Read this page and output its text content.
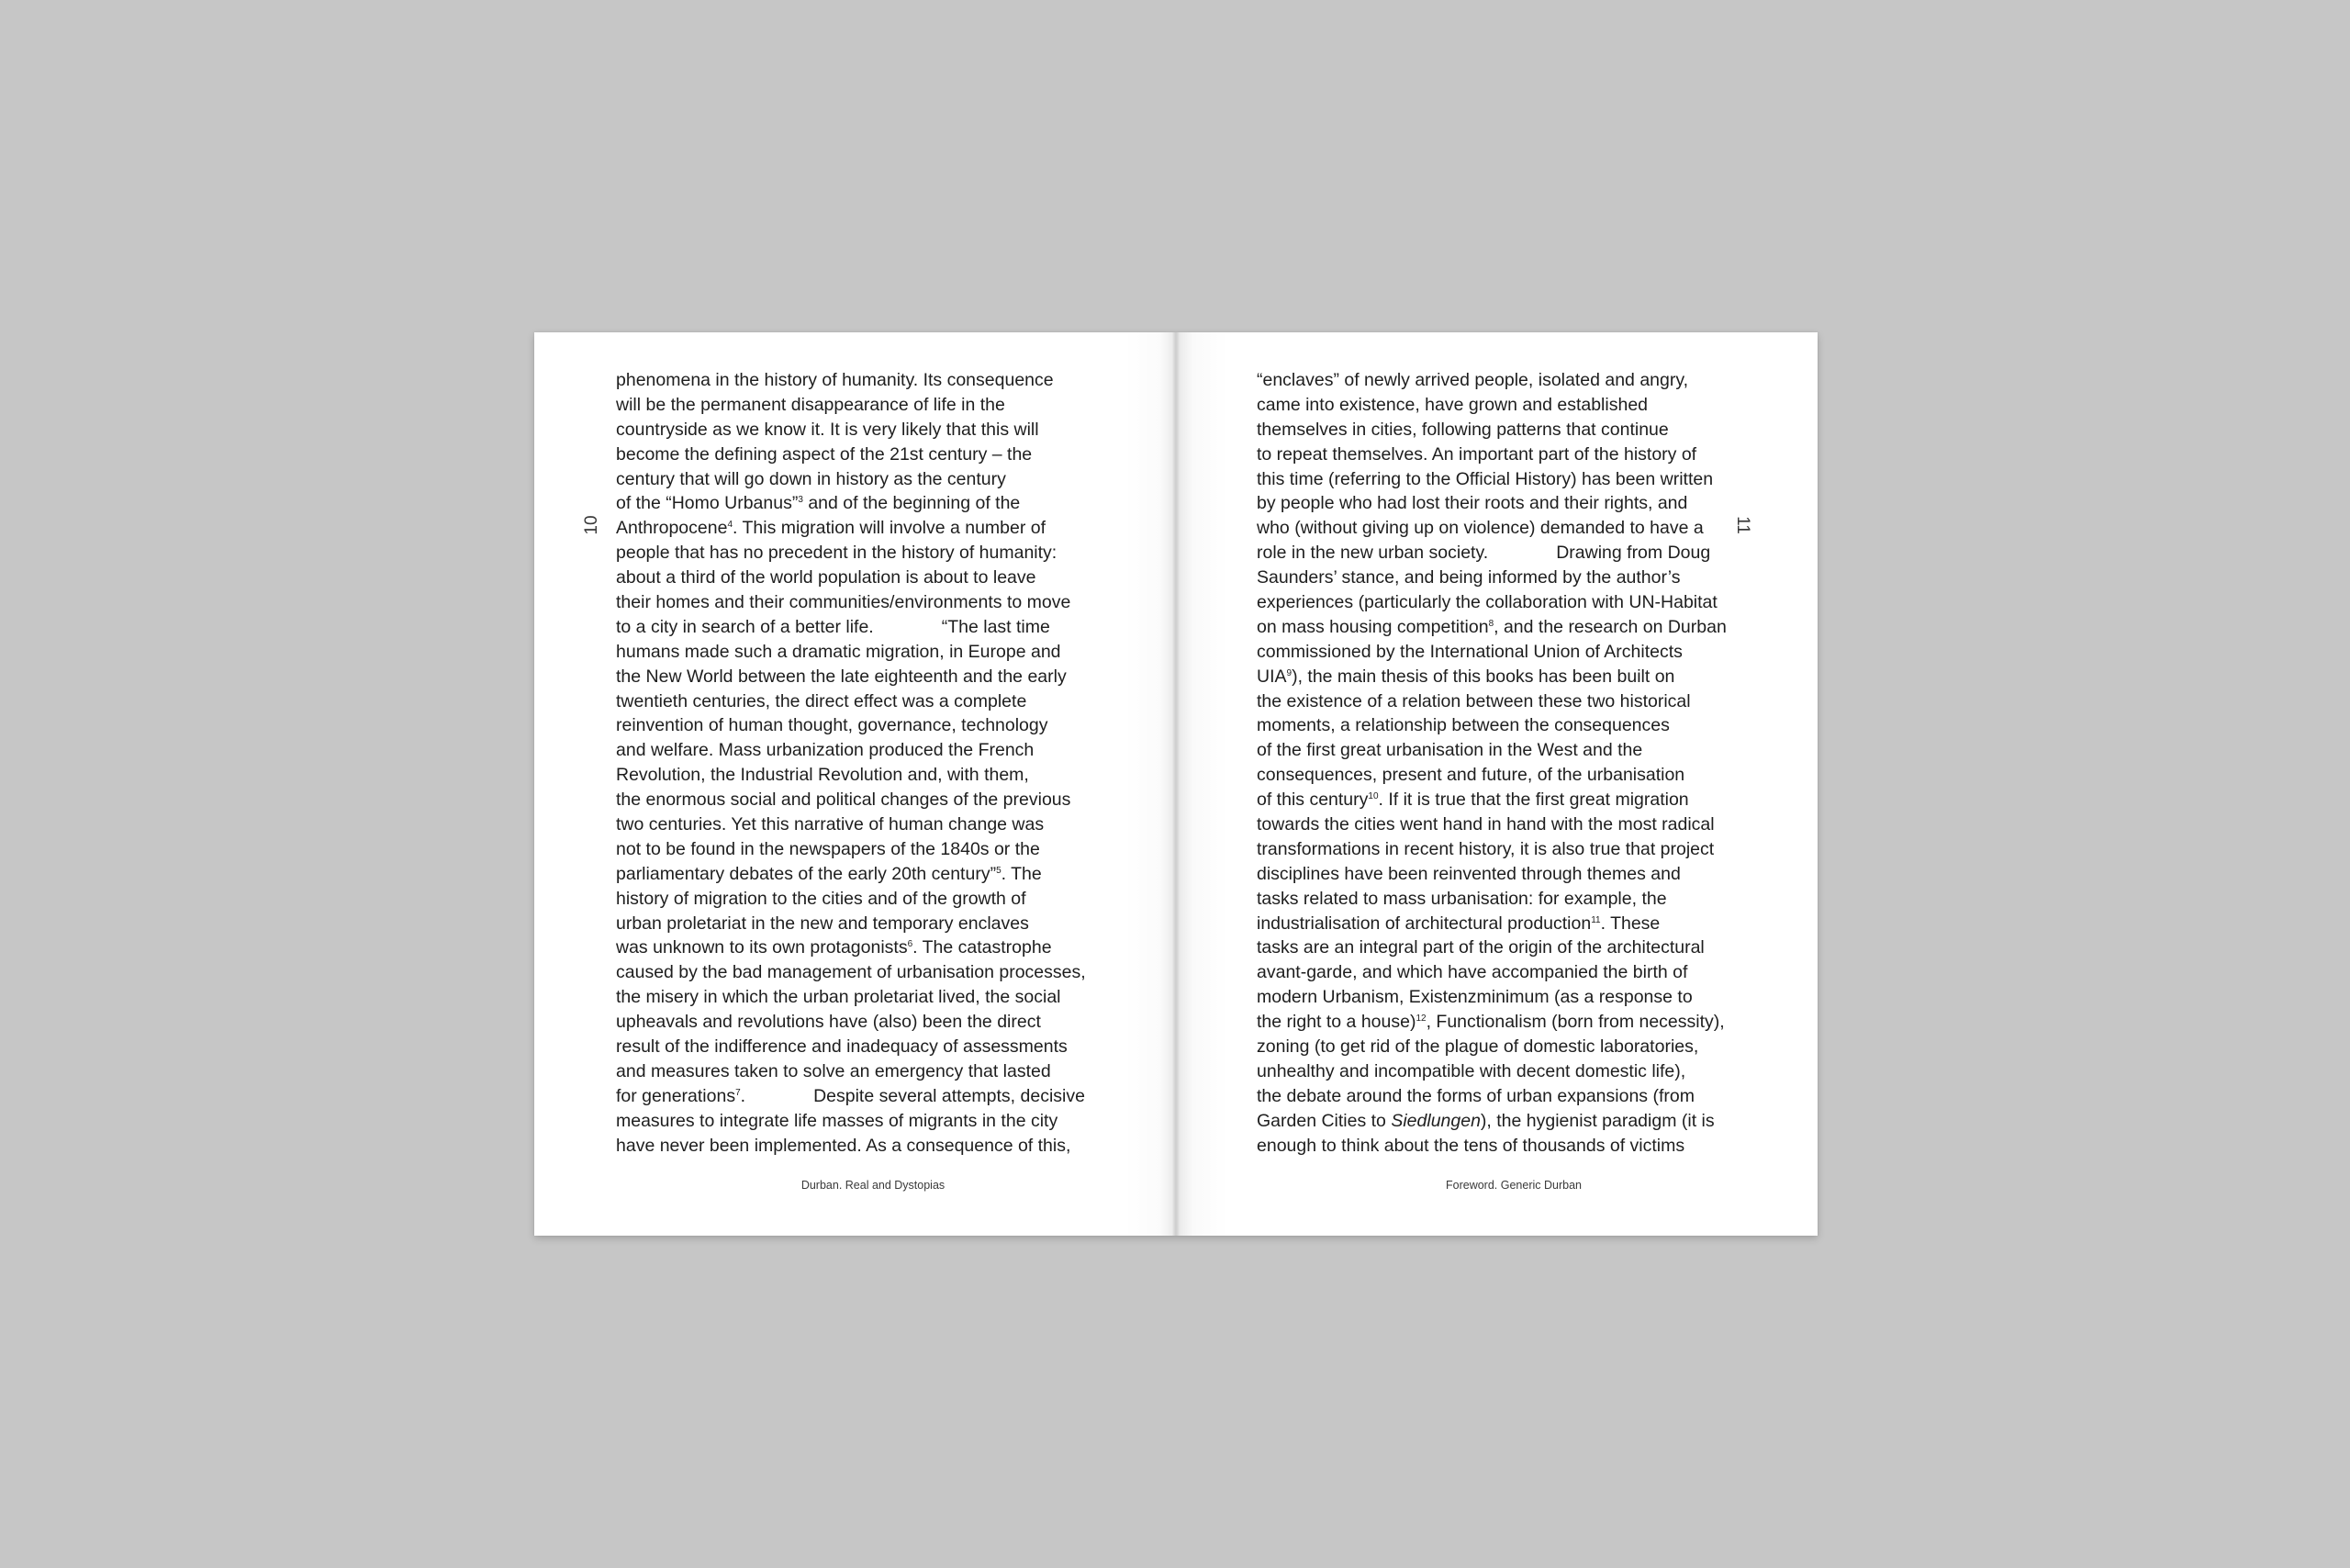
10
phenomena in the history of humanity. Its consequence
will be the permanent disappearance of life in the
countryside as we know it. It is very likely that this will
become the defining aspect of the 21st century – the
century that will go down in history as the century
of the “Homo Urbanus”$^3$ and of the beginning of the
Anthropocene$^4$. This migration will involve a number of
people that has no precedent in the history of humanity:
about a third of the world population is about to leave
their homes and their communities/environments to move
to a city in search of a better life.	“The last time
humans made such a dramatic migration, in Europe and
the New World between the late eighteenth and the early
twentieth centuries, the direct effect was a complete
reinvention of human thought, governance, technology
and welfare. Mass urbanization produced the French
Revolution, the Industrial Revolution and, with them,
the enormous social and political changes of the previous
two centuries. Yet this narrative of human change was
not to be found in the newspapers of the 1840s or the
parliamentary debates of the early 20th century”$^5$. The
history of migration to the cities and of the growth of
urban proletariat in the new and temporary enclaves
was unknown to its own protagonists$^6$. The catastrophe
caused by the bad management of urbanisation processes,
the misery in which the urban proletariat lived, the social
upheavals and revolutions have (also) been the direct
result of the indifference and inadequacy of assessments
and measures taken to solve an emergency that lasted
for generations$^7$.	Despite several attempts, decisive
measures to integrate life masses of migrants in the city
have never been implemented. As a consequence of this,
Durban. Real and Dystopias
11
“enclaves” of newly arrived people, isolated and angry,
came into existence, have grown and established
themselves in cities, following patterns that continue
to repeat themselves. An important part of the history of
this time (referring to the Official History) has been written
by people who had lost their roots and their rights, and
who (without giving up on violence) demanded to have a
role in the new urban society.	Drawing from Doug
Saunders’ stance, and being informed by the author’s
experiences (particularly the collaboration with UN-Habitat
on mass housing competition$^8$, and the research on Durban
commissioned by the International Union of Architects
UIA$^9$), the main thesis of this books has been built on
the existence of a relation between these two historical
moments, a relationship between the consequences
of the first great urbanisation in the West and the
consequences, present and future, of the urbanisation
of this century$^{10}$. If it is true that the first great migration
towards the cities went hand in hand with the most radical
transformations in recent history, it is also true that project
disciplines have been reinvented through themes and
tasks related to mass urbanisation: for example, the
industrialisation of architectural production$^{11}$. These
tasks are an integral part of the origin of the architectural
avant-garde, and which have accompanied the birth of
modern Urbanism, Existenzminimum (as a response to
the right to a house)$^{12}$, Functionalism (born from necessity),
zoning (to get rid of the plague of domestic laboratories,
unhealthy and incompatible with decent domestic life),
the debate around the forms of urban expansions (from
Garden Cities to Siedlungen), the hygienist paradigm (it is
enough to think about the tens of thousands of victims
Foreword. Generic Durban
